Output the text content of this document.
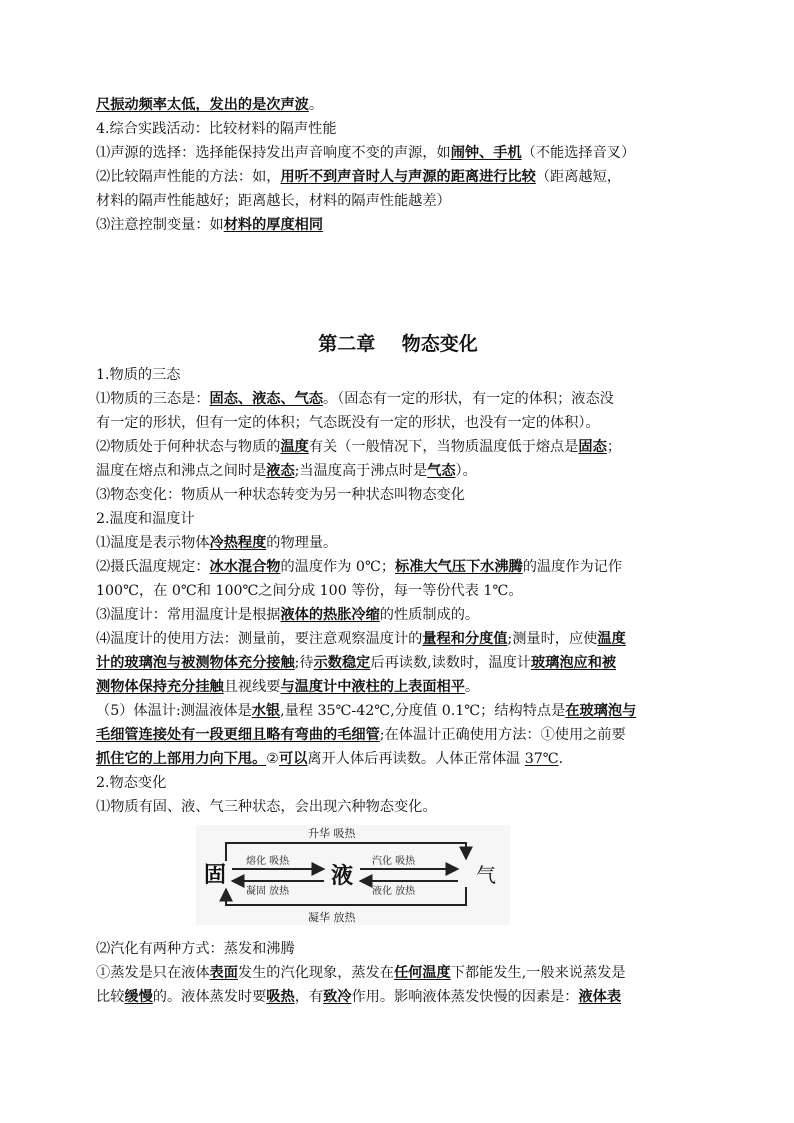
尺振动频率太低，发出的是次声波。
4.综合实践活动：比较材料的隔声性能
⑴声源的选择：选择能保持发出声音响度不变的声源，如闹钟、手机（不能选择音叉）
⑵比较隔声性能的方法：如，用听不到声音时人与声源的距离进行比较（距离越短，
材料的隔声性能越好；距离越长，材料的隔声性能越差）
⑶注意控制变量：如材料的厚度相同
第二章    物态变化
1.物质的三态
⑴物质的三态是：固态、液态、气态。（固态有一定的形状，有一定的体积；液态没
有一定的形状，但有一定的体积；气态既没有一定的形状，也没有一定的体积）。
⑵物质处于何种状态与物质的温度有关（一般情况下，当物质温度低于熔点是固态；
温度在熔点和沸点之间时是液态;当温度高于沸点时是气态）。
⑶物态变化：物质从一种状态转变为另一种状态叫物态变化
2.温度和温度计
⑴温度是表示物体冷热程度的物理量。
⑵摄氏温度规定：冰水混合物的温度作为 0℃；标准大气压下水沸腾的温度作为记作
100℃，在 0℃和 100℃之间分成 100 等份，每一等份代表 1℃。
⑶温度计：常用温度计是根据液体的热胀冷缩的性质制成的。
⑷温度计的使用方法：测量前，要注意观察温度计的量程和分度值;测量时，应使温度
计的玻璃泡与被测物体充分接触;待示数稳定后再读数,读数时，温度计玻璃泡应和被
测物体保持充分挂触且视线要与温度计中液柱的上表面相平。
（5）体温计:测温液体是水银,量程 35℃-42℃,分度值 0.1℃；结构特点是在玻璃泡与
毛细管连接处有一段更细且略有弯曲的毛细管;在体温计正确使用方法：①使用之前要
抓住它的上部用力向下甩。②可以离开人体后再读数。人体正常体温 37℃.
2.物态变化
⑴物质有固、液、气三种状态，会出现六种物态变化。
固	液	气
升华 吸热
凝华 放热
熔化 吸热
凝固 放热
汽化 吸热
液化 放热
⑵汽化有两种方式：蒸发和沸腾
①蒸发是只在液体表面发生的汽化现象，蒸发在任何温度下都能发生,一般来说蒸发是
比较缓慢的。液体蒸发时要吸热，有致冷作用。影响液体蒸发快慢的因素是：液体表
